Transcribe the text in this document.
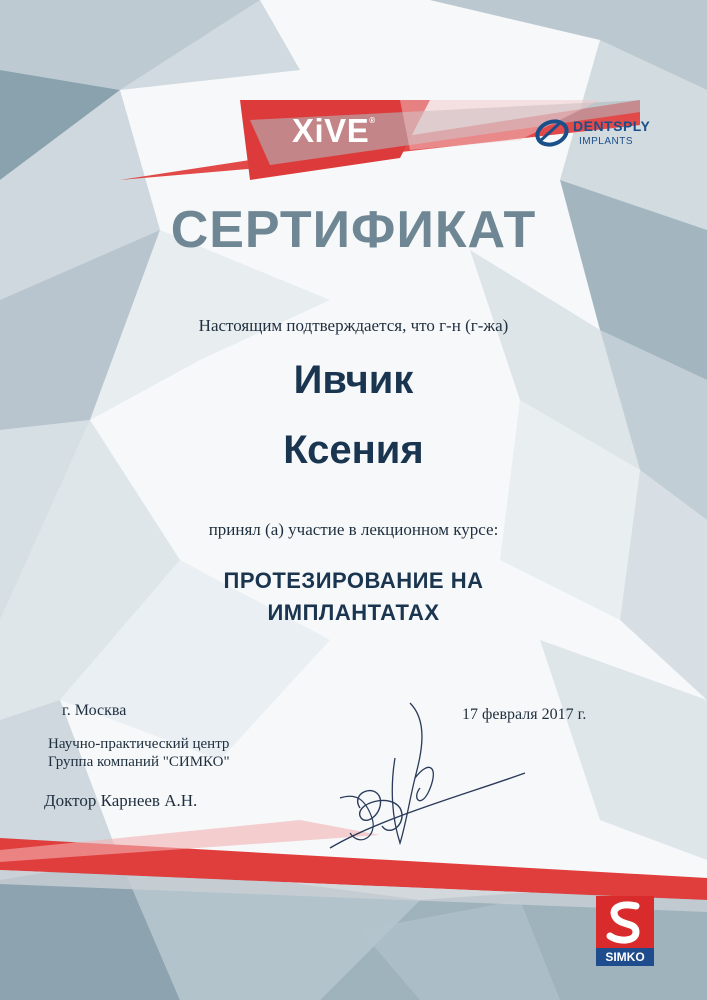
XiVE®	DENTSPLY
IMPLANTS
СЕРТИФИКАТ
Настоящим подтверждается, что г-н (г-жа)
Ивчик
Ксения
принял (а) участие в лекционном курсе:
ПРОТЕЗИРОВАНИЕ НА
ИМПЛАНТАТАХ
г. Москва	17 февраля 2017 г.
Научно-практический центр
Группа компаний "СИМКО"
Доктор Карнеев А.Н.
SIMKO
